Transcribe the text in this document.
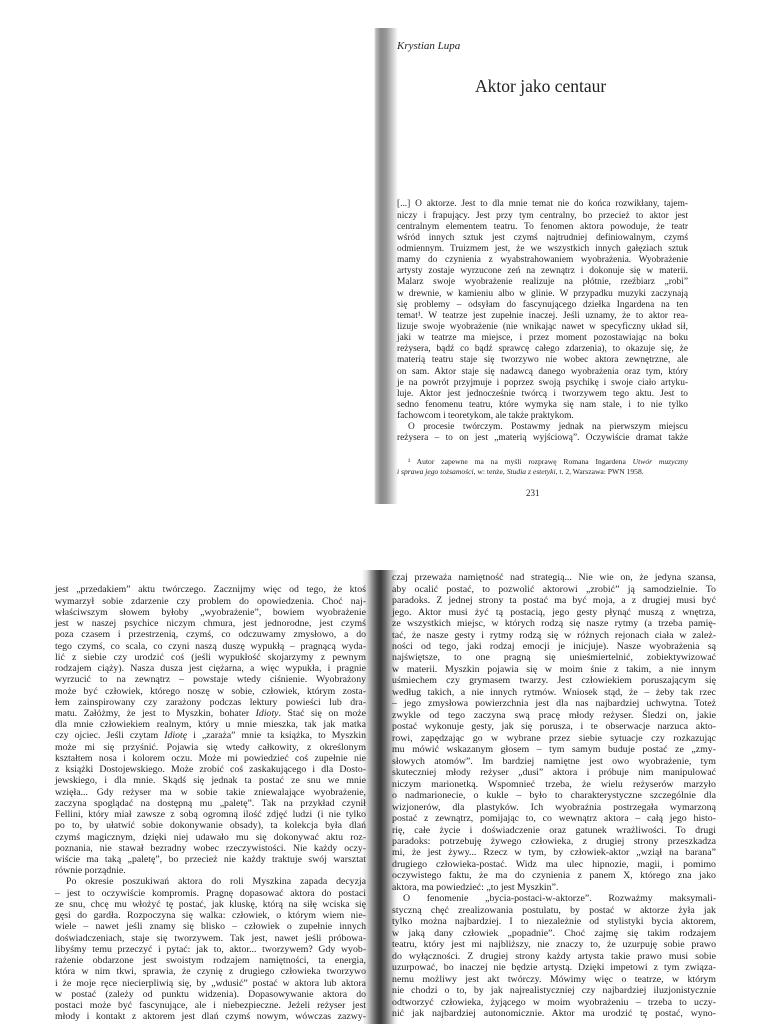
Krystian Lupa
Aktor jako centaur
[...] O aktorze. Jest to dla mnie temat nie do końca rozwikłany, tajem-
niczy i frapujący. Jest przy tym centralny, bo przecież to aktor jest
centralnym elementem teatru. To fenomen aktora powoduje, że teatr
wśród innych sztuk jest czymś najtrudniej definiowalnym, czymś
odmiennym. Truizmem jest, że we wszystkich innych gałęziach sztuk
mamy do czynienia z wyabstrahowaniem wyobrażenia. Wyobrażenie
artysty zostaje wyrzucone zeń na zewnątrz i dokonuje się w materii.
Malarz swoje wyobrażenie realizuje na płótnie, rzeźbiarz „robi”
w drewnie, w kamieniu albo w glinie. W przypadku muzyki zaczynają
się problemy – odsyłam do fascynującego dziełka Ingardena na ten
temat¹. W teatrze jest zupełnie inaczej. Jeśli uznamy, że to aktor rea-
lizuje swoje wyobrażenie (nie wnikając nawet w specyficzny układ sił,
jaki w teatrze ma miejsce, i przez moment pozostawiając na boku
reżysera, bądź co bądź sprawcę całego zdarzenia), to okazuje się, że
materią teatru staje się tworzywo nie wobec aktora zewnętrzne, ale
on sam. Aktor staje się nadawcą danego wyobrażenia oraz tym, który
je na powrót przyjmuje i poprzez swoją psychikę i swoje ciało artyku-
luje. Aktor jest jednocześnie twórcą i tworzywem tego aktu. Jest to
sedno fenomenu teatru, które wymyka się nam stale, i to nie tylko
fachowcom i teoretykom, ale także praktykom.
O procesie twórczym. Postawmy jednak na pierwszym miejscu
reżysera – to on jest „materią wyjściową”. Oczywiście dramat także
¹ Autor zapewne ma na myśli rozprawę Romana Ingardena Utwór muzyczny
i sprawa jego tożsamości, w: tenże, Studia z estetyki, t. 2, Warszawa: PWN 1958.
231
jest „przedakiem” aktu twórczego. Zacznijmy więc od tego, że ktoś
wymarzył sobie zdarzenie czy problem do opowiedzenia. Choć naj-
właściwszym słowem byłoby „wyobrażenie”, bowiem wyobrażenie
jest w naszej psychice niczym chmura, jest jednorodne, jest czymś
poza czasem i przestrzenią, czymś, co odczuwamy zmysłowo, a do
tego czymś, co scala, co czyni naszą duszę wypukłą – pragnącą wyda-
lić z siebie czy urodzić coś (jeśli wypukłość skojarzymy z pewnym
rodzajem ciąży). Nasza dusza jest ciężarna, a więc wypukła, i pragnie
wyrzucić to na zewnątrz – powstaje wtedy ciśnienie. Wyobrażony
może być człowiek, którego noszę w sobie, człowiek, którym zosta-
łem zainspirowany czy zarażony podczas lektury powieści lub dra-
matu. Załóżmy, że jest to Myszkin, bohater Idioty. Stać się on może
dla mnie człowiekiem realnym, który u mnie mieszka, tak jak matka
czy ojciec. Jeśli czytam Idiotę i „zaraża” mnie ta książka, to Myszkin
może mi się przyśnić. Pojawia się wtedy całkowity, z określonym
kształtem nosa i kolorem oczu. Może mi powiedzieć coś zupełnie nie
z książki Dostojewskiego. Może zrobić coś zaskakującego i dla Dosto-
jewskiego, i dla mnie. Skądś się jednak ta postać ze snu we mnie
wzięła... Gdy reżyser ma w sobie takie zniewalające wyobrażenie,
zaczyna spoglądać na dostępną mu „paletę”. Tak na przykład czynił
Fellini, który miał zawsze z sobą ogromną ilość zdjęć ludzi (i nie tylko
po to, by ułatwić sobie dokonywanie obsady), ta kolekcja była dlań
czymś magicznym, dzięki niej udawało mu się dokonywać aktu roz-
poznania, nie stawał bezradny wobec rzeczywistości. Nie każdy oczy-
wiście ma taką „paletę”, bo przecież nie każdy traktuje swój warsztat
równie porządnie.
Po okresie poszukiwań aktora do roli Myszkina zapada decyzja
– jest to oczywiście kompromis. Pragnę dopasować aktora do postaci
ze snu, chcę mu włożyć tę postać, jak kluskę, którą na siłę wciska się
gęsi do gardła. Rozpoczyna się walka: człowiek, o którym wiem nie-
wiele – nawet jeśli znamy się blisko – człowiek o zupełnie innych
doświadczeniach, staje się tworzywem. Tak jest, nawet jeśli próbowa-
libyśmy temu przeczyć i pytać: jak to, aktor... tworzywem? Gdy wyob-
rażenie obdarzone jest swoistym rodzajem namiętności, ta energia,
która w nim tkwi, sprawia, że czynię z drugiego człowieka tworzywo
i że moje ręce niecierpliwią się, by „wdusić” postać w aktora lub aktora
w postać (zależy od punktu widzenia). Dopasowywanie aktora do
postaci może być fascynujące, ale i niebezpieczne. Jeżeli reżyser jest
młody i kontakt z aktorem jest dlań czymś nowym, wówczas zazwy-
czaj przeważa namiętność nad strategią... Nie wie on, że jedyna szansa,
aby ocalić postać, to pozwolić aktorowi „zrobić” ją samodzielnie. To
paradoks. Z jednej strony ta postać ma być moja, a z drugiej musi być
jego. Aktor musi żyć tą postacią, jego gesty płynąć muszą z wnętrza,
ze wszystkich miejsc, w których rodzą się nasze rytmy (a trzeba pamię-
tać, że nasze gesty i rytmy rodzą się w różnych rejonach ciała w zależ-
ności od tego, jaki rodzaj emocji je inicjuje). Nasze wyobrażenia są
najświętsze, to one pragną się unieśmiertelnić, zobiektywizować
w materii. Myszkin pojawia się w moim śnie z takim, a nie innym
uśmiechem czy grymasem twarzy. Jest człowiekiem poruszającym się
według takich, a nie innych rytmów. Wniosek stąd, że – żeby tak rzec
– jego zmysłowa powierzchnia jest dla nas najbardziej uchwytna. Toteż
zwykle od tego zaczyna swą pracę młody reżyser. Śledzi on, jakie
postać wykonuje gesty, jak się porusza, i te obserwacje narzuca akto-
rowi, zapędzając go w wybrane przez siebie sytuacje czy rozkazując
mu mówić wskazanym głosem – tym samym buduje postać ze „zmy-
słowych atomów”. Im bardziej namiętne jest owo wyobrażenie, tym
skuteczniej młody reżyser „dusi” aktora i próbuje nim manipulować
niczym marionetką. Wspomnieć trzeba, że wielu reżyserów marzyło
o nadmarionecie, o kukle – było to charakterystyczne szczególnie dla
wizjonerów, dla plastyków. Ich wyobraźnia postrzegała wymarzoną
postać z zewnątrz, pomijając to, co wewnątrz aktora – całą jego histo-
rię, całe życie i doświadczenie oraz gatunek wrażliwości. To drugi
paradoks: potrzebuję żywego człowieka, z drugiej strony przeszkadza
mi, że jest żywy... Rzecz w tym, by człowiek-aktor „wziął na barana”
drugiego człowieka-postać. Widz ma ulec hipnozie, magii, i pomimo
oczywistego faktu, że ma do czynienia z panem X, którego zna jako
aktora, ma powiedzieć: „to jest Myszkin”.
O fenomenie „bycia-postaci-w-aktorze”. Rozważmy maksymali-
styczną chęć zrealizowania postulatu, by postać w aktorze żyła jak
tylko można najbardziej. I to niezależnie od stylistyki bycia aktorem,
w jaką dany człowiek „popadnie”. Choć zajmę się takim rodzajem
teatru, który jest mi najbliższy, nie znaczy to, że uzurpuję sobie prawo
do wyłączności. Z drugiej strony każdy artysta takie prawo musi sobie
uzurpować, bo inaczej nie będzie artystą. Dzięki impetowi z tym związa-
nemu możliwy jest akt twórczy. Mówimy więc o teatrze, w którym
nie chodzi o to, by jak najrealistyczniej czy najbardziej iluzjonistycznie
odtworzyć człowieka, żyjącego w moim wyobrażeniu – trzeba to uczy-
nić jak najbardziej autonomicznie. Aktor ma urodzić tę postać, wyno-
